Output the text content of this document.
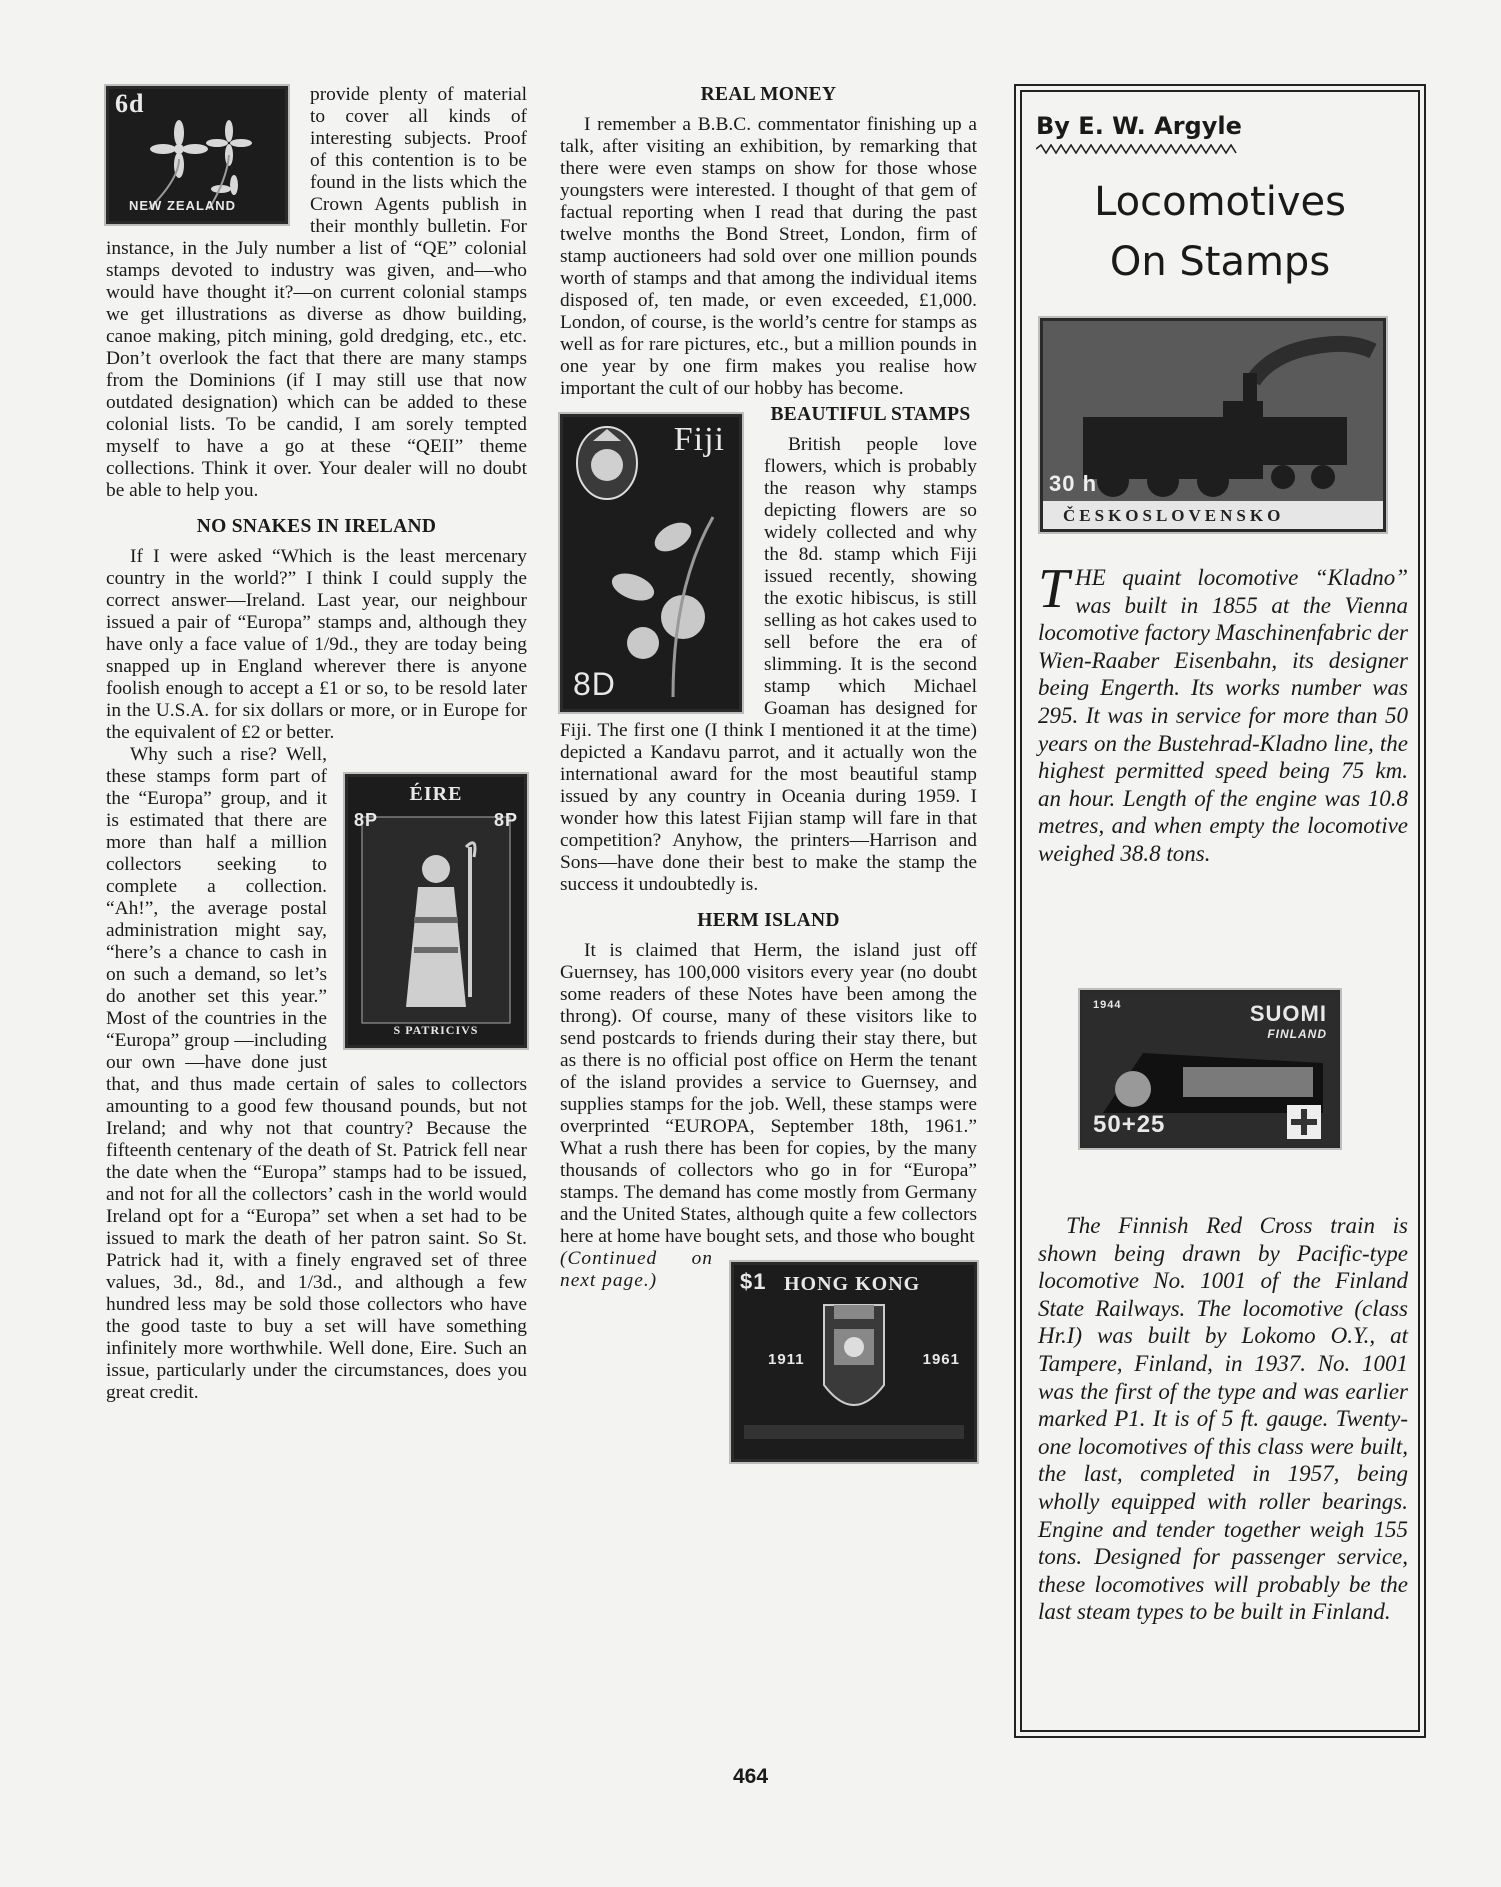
6d
NEW ZEALAND

provide plenty of material to cover all kinds of interesting subjects. Proof of this contention is to be found in the lists which the Crown Agents publish in their monthly bulletin. For instance, in the July number a list of “QE” colonial stamps devoted to industry was given, and—who would have thought it?—on current colonial stamps we get illustrations as diverse as dhow building, canoe making, pitch mining, gold dredging, etc., etc. Don’t overlook the fact that there are many stamps from the Dominions (if I may still use that now outdated designation) which can be added to these colonial lists. To be candid, I am sorely tempted myself to have a go at these “QEII” theme collections. Think it over. Your dealer will no doubt be able to help you.

NO SNAKES IN IRELAND

If I were asked “Which is the least mercenary country in the world?” I think I could supply the correct answer—Ireland. Last year, our neighbour issued a pair of “Europa” stamps and, although they have only a face value of 1/9d., they are today being snapped up in England wherever there is anyone foolish enough to accept a £1 or so, to be resold later in the U.S.A. for six dollars or more, or in Europe for the equivalent of £2 or better.

ÉIRE
8P	8P
S PATRICIVS

Why such a rise? Well, these stamps form part of the “Europa” group, and it is estimated that there are more than half a million collectors seeking to complete a collection. “Ah!”, the average postal administration might say, “here’s a chance to cash in on such a demand, so let’s do another set this year.” Most of the countries in the “Europa” group —including our own —have done just that, and thus made certain of sales to collectors amounting to a good few thousand pounds, but not Ireland; and why not that country? Because the fifteenth centenary of the death of St. Patrick fell near the date when the “Europa” stamps had to be issued, and not for all the collectors’ cash in the world would Ireland opt for a “Europa” set when a set had to be issued to mark the death of her patron saint. So St. Patrick had it, with a finely engraved set of three values, 3d., 8d., and 1/3d., and although a few hundred less may be sold those collectors who have the good taste to buy a set will have something infinitely more worthwhile. Well done, Eire. Such an issue, particularly under the circumstances, does you great credit.

REAL MONEY

I remember a B.B.C. commentator finishing up a talk, after visiting an exhibition, by remarking that there were even stamps on show for those whose youngsters were interested. I thought of that gem of factual reporting when I read that during the past twelve months the Bond Street, London, firm of stamp auctioneers had sold over one million pounds worth of stamps and that among the individual items disposed of, ten made, or even exceeded, £1,000. London, of course, is the world’s centre for stamps as well as for rare pictures, etc., but a million pounds in one year by one firm makes you realise how important the cult of our hobby has become.

Fiji
8D
BEAUTIFUL STAMPS

British people love flowers, which is probably the reason why stamps depicting flowers are so widely collected and why the 8d. stamp which Fiji issued recently, showing the exotic hibiscus, is still selling as hot cakes used to sell before the era of slimming. It is the second stamp which Michael Goaman has designed for Fiji. The first one (I think I mentioned it at the time) depicted a Kandavu parrot, and it actually won the international award for the most beautiful stamp issued by any country in Oceania during 1959. I wonder how this latest Fijian stamp will fare in that competition? Anyhow, the printers—Harrison and Sons—have done their best to make the stamp the success it undoubtedly is.

HERM ISLAND

It is claimed that Herm, the island just off Guernsey, has 100,000 visitors every year (no doubt some readers of these Notes have been among the throng). Of course, many of these visitors like to send postcards to friends during their stay there, but as there is no official post office on Herm the tenant of the island provides a service to Guernsey, and supplies stamps for the job. Well, these stamps were overprinted “EUROPA, September 18th, 1961.” What a rush there has been for copies, by the many thousands of collectors who go in for “Europa” stamps. The demand has come mostly from Germany and the United States, although quite a few collectors here at home have bought sets, and those who bought

$1 HONG KONG
1911	1961

(Continued on next page.)

By E. W. Argyle
Locomotives
On Stamps
30 h
ČESKOSLOVENSKO
THE quaint locomotive “Kladno” was built in 1855 at the Vienna locomotive factory Maschinenfabric der Wien-Raaber Eisenbahn, its designer being Engerth. Its works number was 295. It was in service for more than 50 years on the Bustehrad-Kladno line, the highest permitted speed being 75 km. an hour. Length of the engine was 10.8 metres, and when empty the locomotive weighed 38.8 tons.
1944	SUOMI
FINLAND
50+25
The Finnish Red Cross train is shown being drawn by Pacific-type locomotive No. 1001 of the Finland State Railways. The locomotive (class Hr.I) was built by Lokomo O.Y., at Tampere, Finland, in 1937. No. 1001 was the first of the type and was earlier marked P1. It is of 5 ft. gauge. Twenty-one locomotives of this class were built, the last, completed in 1957, being wholly equipped with roller bearings. Engine and tender together weigh 155 tons. Designed for passenger service, these locomotives will probably be the last steam types to be built in Finland.
464
